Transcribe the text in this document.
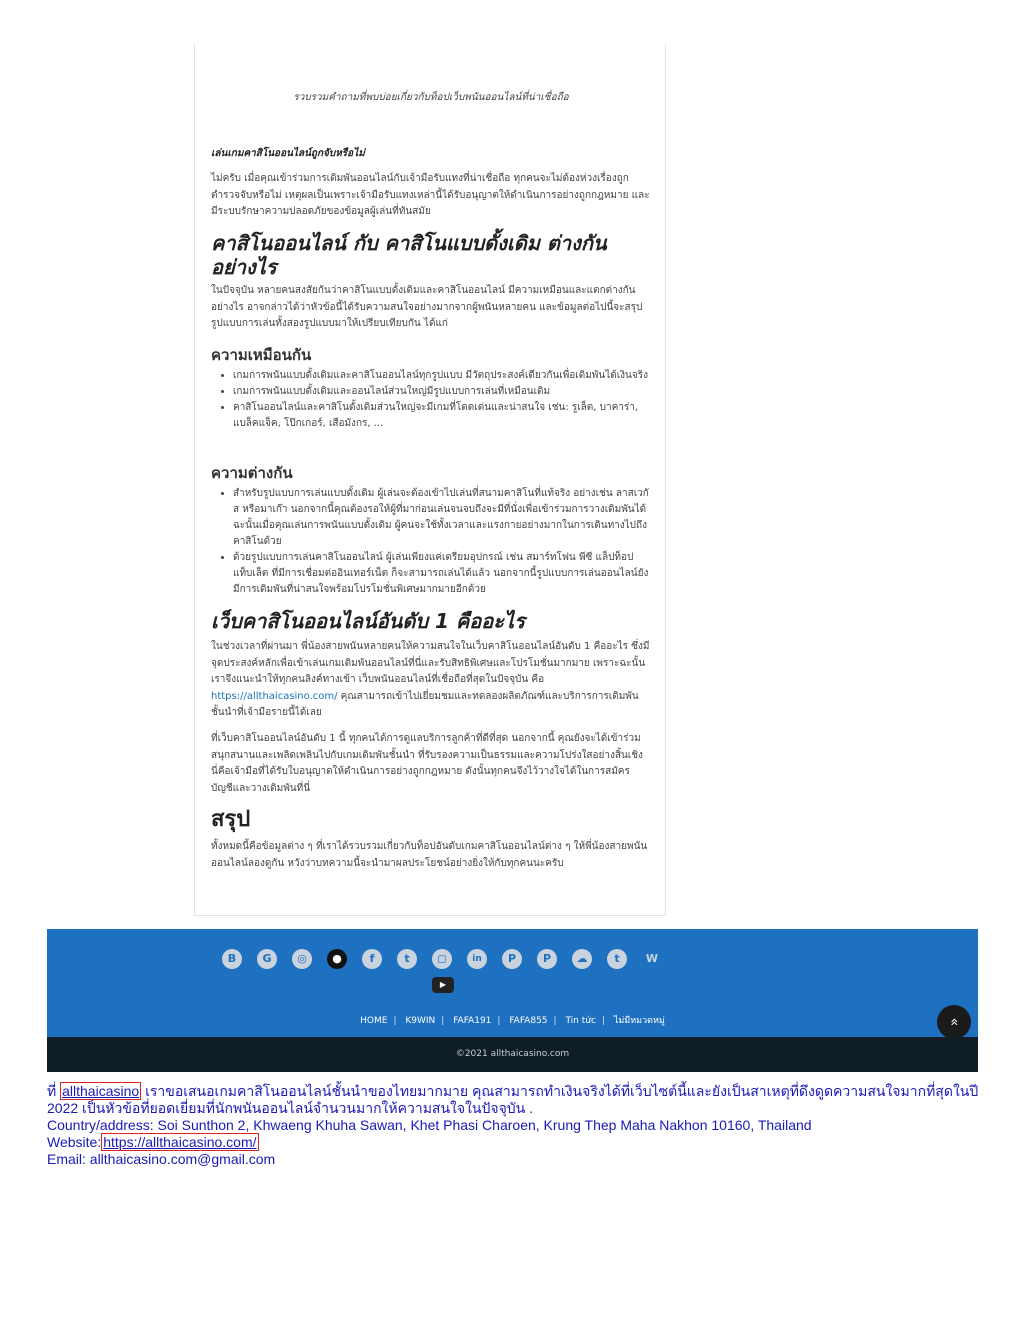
รวบรวมคำถามที่พบบ่อยเกี่ยวกับท็อปเว็บพนันออนไลน์ที่น่าเชื่อถือ
เล่นเกมคาสิโนออนไลน์ถูกจับหรือไม่

ไม่ครับ เมื่อคุณเข้าร่วมการเดิมพันออนไลน์กับเจ้ามือรับแทงที่น่าเชื่อถือ ทุกคนจะไม่ต้องห่วงเรื่องถูกตำรวจจับหรือไม่ เหตุผลเป็นเพราะเจ้ามือรับแทงเหล่านี้ได้รับอนุญาตให้ดำเนินการอย่างถูกกฎหมาย และมีระบบรักษาความปลอดภัยของข้อมูลผู้เล่นที่ทันสมัย

คาสิโนออนไลน์ กับ คาสิโนแบบดั้งเดิม ต่างกันอย่างไร

ในปัจจุบัน หลายคนสงสัยกันว่าคาสิโนแบบดั้งเดิมและคาสิโนออนไลน์ มีความเหมือนและแตกต่างกันอย่างไร อาจกล่าวได้ว่าหัวข้อนี้ได้รับความสนใจอย่างมากจากผู้พนันหลายคน และข้อมูลต่อไปนี้จะสรุปรูปแบบการเล่นทั้งสองรูปแบบมาให้เปรียบเทียบกัน ได้แก่

ความเหมือนกัน
• เกมการพนันแบบดั้งเดิมและคาสิโนออนไลน์ทุกรูปแบบ มีวัตถุประสงค์เดียวกันเพื่อเดิมพันได้เงินจริง
• เกมการพนันแบบดั้งเดิมและออนไลน์ส่วนใหญ่มีรูปแบบการเล่นที่เหมือนเดิม
• คาสิโนออนไลน์และคาสิโนดั้งเดิมส่วนใหญ่จะมีเกมที่โดดเด่นและน่าสนใจ เช่น: รูเล็ต, บาคาร่า, แบล็คแจ็ค, โป๊กเกอร์, เสือมังกร, ...
ความต่างกัน
• สำหรับรูปแบบการเล่นแบบดั้งเดิม ผู้เล่นจะต้องเข้าไปเล่นที่สนามคาสิโนที่แท้จริง อย่างเช่น ลาสเวกัส หรือมาเก๊า นอกจากนี้คุณต้องรอให้ผู้ที่มาก่อนเล่นจนจบถึงจะมีที่นั่งเพื่อเข้าร่วมการวางเดิมพันได้ ฉะนั้นเมื่อคุณเล่นการพนันแบบดั้งเดิม ผู้คนจะใช้ทั้งเวลาและแรงกายอย่างมากในการเดินทางไปถึงคาสิโนด้วย
• ด้วยรูปแบบการเล่นคาสิโนออนไลน์ ผู้เล่นเพียงแค่เตรียมอุปกรณ์ เช่น สมาร์ทโฟน พีซี แล็ปท็อป แท็บเล็ต ที่มีการเชื่อมต่ออินเทอร์เน็ต ก็จะสามารถเล่นได้แล้ว นอกจากนี้รูปแบบการเล่นออนไลน์ยังมีการเดิมพันที่น่าสนใจพร้อมโปรโมชั่นพิเศษมากมายอีกด้วย
เว็บคาสิโนออนไลน์อันดับ 1 คืออะไร

ในช่วงเวลาที่ผ่านมา พี่น้องสายพนันหลายคนให้ความสนใจในเว็บคาสิโนออนไลน์อันดับ 1 คืออะไร ซึ่งมีจุดประสงค์หลักเพื่อเข้าเล่นเกมเดิมพันออนไลน์ที่นี่และรับสิทธิพิเศษและโปรโมชั่นมากมาย เพราะฉะนั้นเราจึงแนะนำให้ทุกคนลิงค์ทางเข้า เว็บพนันออนไลน์ที่เชื่อถือที่สุดในปัจจุบัน คือ https://allthaicasino.com/ คุณสามารถเข้าไปเยี่ยมชมและทดลองผลิตภัณฑ์และบริการการเดิมพันชั้นนำที่เจ้ามือรายนี้ได้เลย

ที่เว็บคาสิโนออนไลน์อันดับ 1 นี้ ทุกคนได้การดูแลบริการลูกค้าที่ดีที่สุด นอกจากนี้ คุณยังจะได้เข้าร่วมสนุกสนานและเพลิดเพลินไปกับเกมเดิมพันชั้นนำ ที่รับรองความเป็นธรรมและความโปร่งใสอย่างสิ้นเชิง นี่คือเจ้ามือที่ได้รับใบอนุญาตให้ดำเนินการอย่างถูกกฎหมาย ดังนั้นทุกคนจึงไว้วางใจได้ในการสมัครบัญชีและวางเดิมพันที่นี่

สรุป

ทั้งหมดนี้คือข้อมูลต่าง ๆ ที่เราได้รวบรวมเกี่ยวกับท็อปอันดับเกมคาสิโนออนไลน์ต่าง ๆ ให้พี่น้องสายพนันออนไลน์ลองดูกัน หวังว่าบทความนี้จะนำมาผลประโยชน์อย่างยิ่งให้กับทุกคนนะครับ

B	G	◎	●	f	t	◻	in	P	P	☁	t	W
▶
HOME | K9WIN | FAFA191 | FAFA855 | Tin tức | ไม่มีหมวดหมู่	»
©2021 allthaicasino.com
ที่ allthaicasino เราขอเสนอเกมคาสิโนออนไลน์ชั้นนำของไทยมากมาย คุณสามารถทำเงินจริงได้ที่เว็บไซต์นี้และยังเป็นสาเหตุที่ดึงดูดความสนใจมากที่สุดในปี 2022 เป็นหัวข้อที่ยอดเยี่ยมที่นักพนันออนไลน์จำนวนมากให้ความสนใจในปัจจุบัน .
Country/address: Soi Sunthon 2, Khwaeng Khuha Sawan, Khet Phasi Charoen, Krung Thep Maha Nakhon 10160, Thailand
Website: https://allthaicasino.com/
Email: allthaicasino.com@gmail.com
